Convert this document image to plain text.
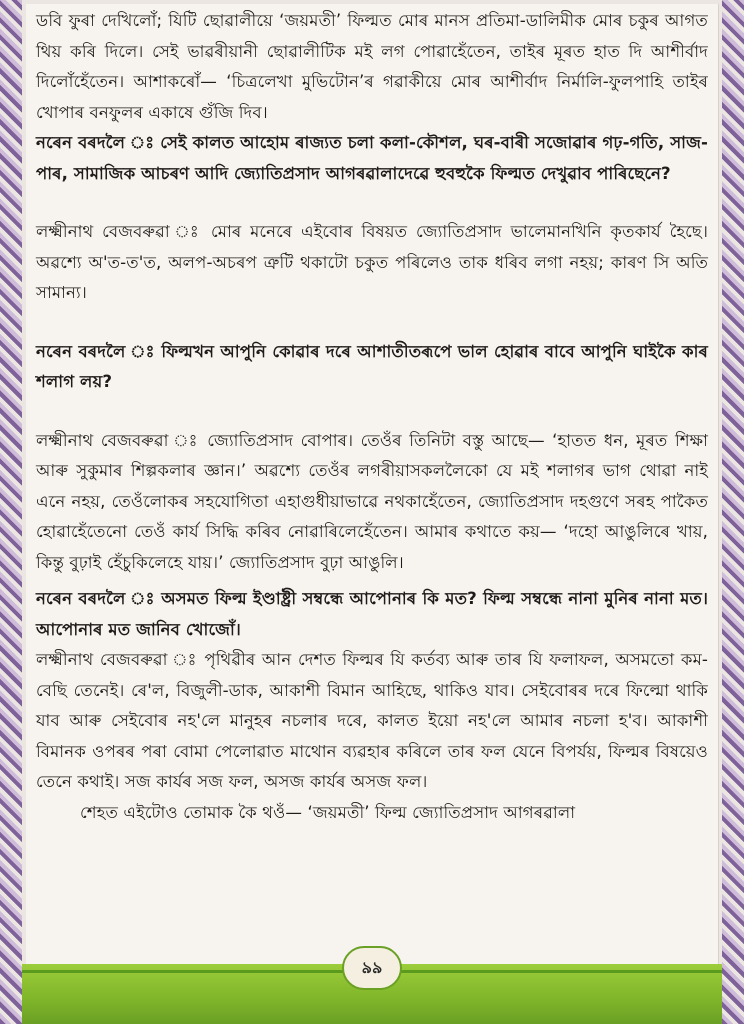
ডবি ফুৰা দেখিলোঁ; যিটি ছোৱালীয়ে ‘জয়মতী’ ফিল্মত মোৰ মানস প্ৰতিমা-ডালিমীক মোৰ চকুৰ আগত থিয় কৰি দিলে। সেই ভাৱৰীয়ানী ছোৱালীটিক মই লগ পোৱাহেঁতেন, তাইৰ মূৰত হাত দি আশীৰ্বাদ দিলোঁহেঁতেন। আশাকৰোঁ— ‘চিত্ৰলেখা মুভিটোন’ৰ গৱাকীয়ে মোৰ আশীৰ্বাদ নিৰ্মালি-ফুলপাহি তাইৰ খোপাৰ বনফুলৰ একাষে গুঁজি দিব।

নৰেন বৰদলৈ ঃ সেই কালত আহোম ৰাজ্যত চলা কলা-কৌশল, ঘৰ-বাৰী সজোৱাৰ গঢ়-গতি, সাজ-পাৰ, সামাজিক আচৰণ আদি জ্যোতিপ্ৰসাদ আগৰৱালাদেৱে হুবহুকৈ ফিল্মত দেখুৱাব পাৰিছেনে?

লক্ষ্মীনাথ বেজবৰুৱা ঃ মোৰ মনেৰে এইবোৰ বিষয়ত জ্যোতিপ্ৰসাদ ভালেমানখিনি কৃতকাৰ্য হৈছে। অৱশ্যে অ'ত-ত'ত, অলপ-অচৰপ ত্ৰুটি থকাটো চকুত পৰিলেও তাক ধৰিব লগা নহয়; কাৰণ সি অতি সামান্য।

নৰেন বৰদলৈ ঃ ফিল্মখন আপুনি কোৱাৰ দৰে আশাতীতৰূপে ভাল হোৱাৰ বাবে আপুনি ঘাইকৈ কাৰ শলাগ লয়?

লক্ষ্মীনাথ বেজবৰুৱা ঃ জ্যোতিপ্ৰসাদ বোপাৰ। তেওঁৰ তিনিটা বস্তু আছে— ‘হাতত ধন, মূৰত শিক্ষা আৰু সুকুমাৰ শিল্পকলাৰ জ্ঞান।’ অৱশ্যে তেওঁৰ লগৰীয়াসকললৈকো যে মই শলাগৰ ভাগ থোৱা নাই এনে নহয়, তেওঁলোকৰ সহযোগিতা এহাগুধীয়াভাৱে নথকাহেঁতেন, জ্যোতিপ্ৰসাদ দহগুণে সৰহ পাকৈত হোৱাহেঁতেনো তেওঁ কাৰ্য সিদ্ধি কৰিব নোৱাৰিলেহেঁতেন। আমাৰ কথাতে কয়— ‘দহো আঙুলিৰে খায়, কিন্তু বুঢ়াই হেঁচুকিলেহে যায়।’ জ্যোতিপ্ৰসাদ বুঢ়া আঙুলি।

নৰেন বৰদলৈ ঃ অসমত ফিল্ম ইণ্ডাষ্ট্ৰী সম্বন্ধে আপোনাৰ কি মত? ফিল্ম সম্বন্ধে নানা মুনিৰ নানা মত। আপোনাৰ মত জানিব খোজোঁ।

লক্ষ্মীনাথ বেজবৰুৱা ঃ পৃথিৱীৰ আন দেশত ফিল্মৰ যি কৰ্তব্য আৰু তাৰ যি ফলাফল, অসমতো কম-বেছি তেনেই। ৰে'ল, বিজুলী-ডাক, আকাশী বিমান আহিছে, থাকিও যাব। সেইবোৰৰ দৰে ফিল্মো থাকি যাব আৰু সেইবোৰ নহ'লে মানুহৰ নচলাৰ দৰে, কালত ইয়ো নহ'লে আমাৰ নচলা হ'ব। আকাশী বিমানক ওপৰৰ পৰা বোমা পেলোৱাত মাথোন ব্যৱহাৰ কৰিলে তাৰ ফল যেনে বিপৰ্যয়, ফিল্মৰ বিষয়েও তেনে কথাই। সজ কাৰ্যৰ সজ ফল, অসজ কাৰ্যৰ অসজ ফল।

শেহত এইটোও তোমাক কৈ থওঁ— ‘জয়মতী’ ফিল্ম জ্যোতিপ্ৰসাদ আগৰৱালা

৯৯
